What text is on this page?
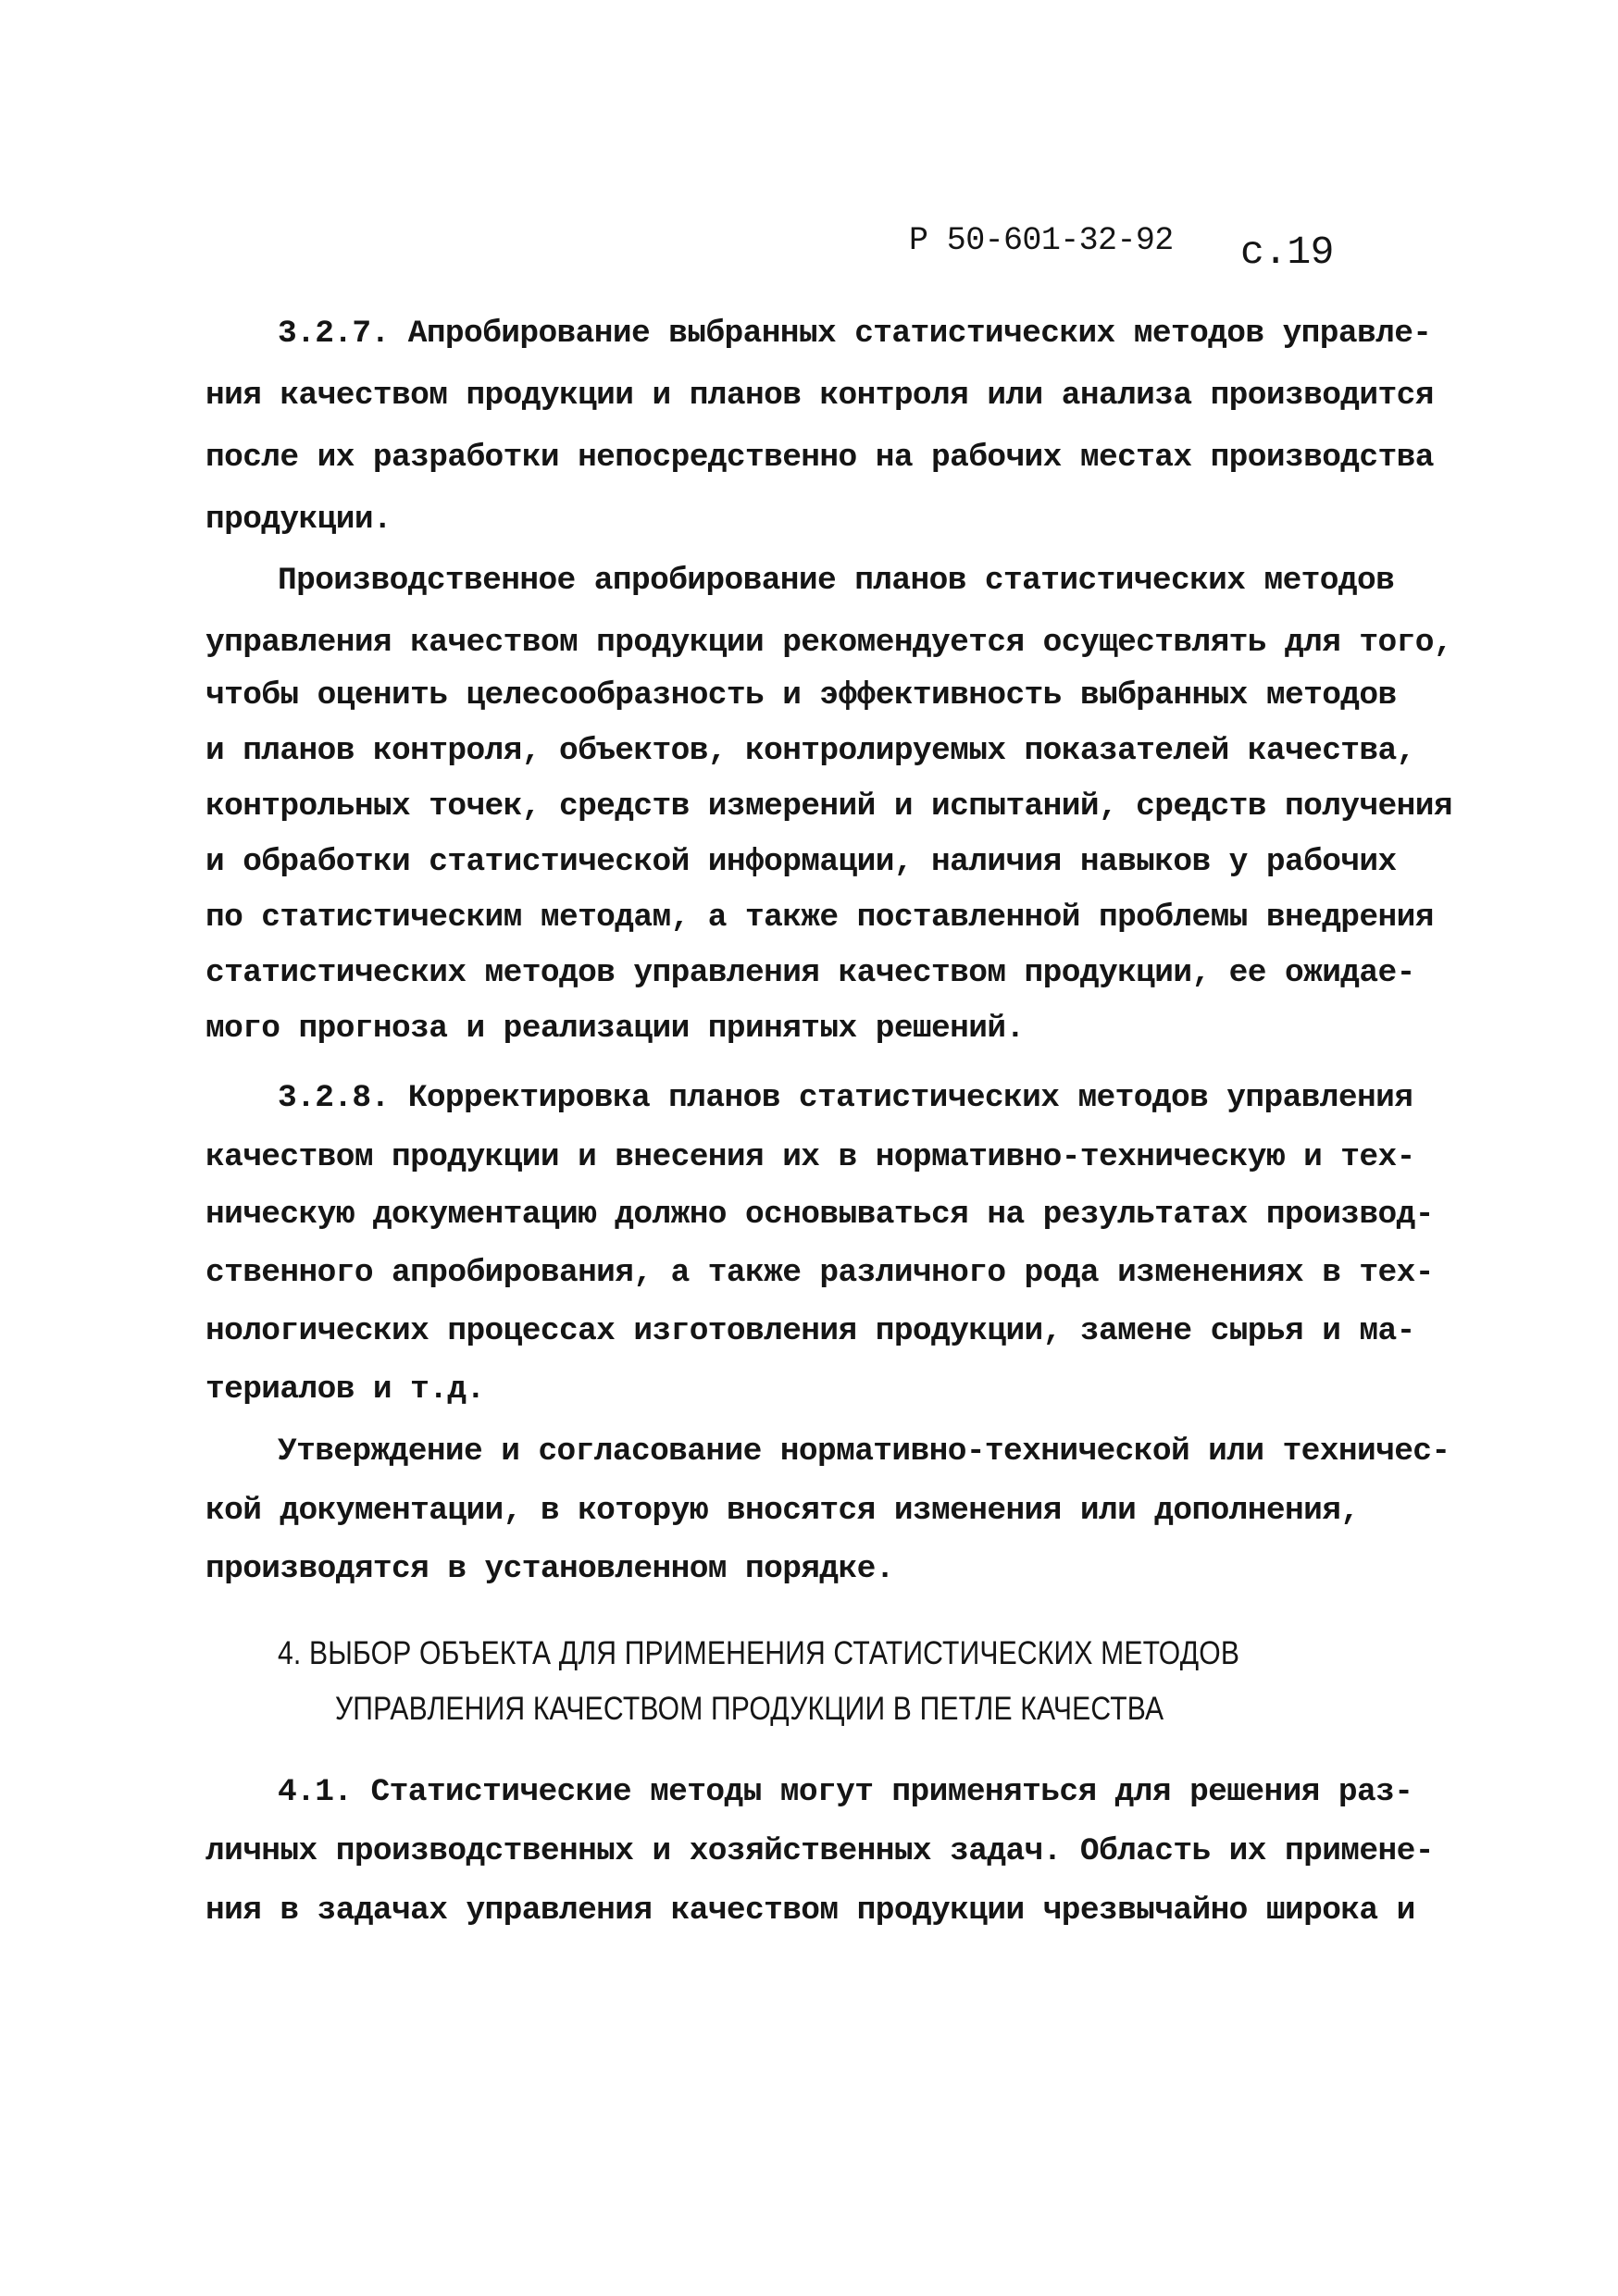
Р 50-601-32-92 с.19
3.2.7. Апробирование выбранных статистических методов управле-
ния качеством продукции и планов контроля или анализа производится
после их разработки непосредственно на рабочих местах производства
продукции.
Производственное апробирование планов статистических методов
управления качеством продукции рекомендуется осуществлять для того,
чтобы оценить целесообразность и эффективность выбранных методов
и планов контроля, объектов, контролируемых показателей качества,
контрольных точек, средств измерений и испытаний, средств получения
и обработки статистической информации, наличия навыков у рабочих
по статистическим методам, а также поставленной проблемы внедрения
статистических методов управления качеством продукции, ее ожидае-
мого прогноза и реализации принятых решений.
3.2.8. Корректировка планов статистических методов управления
качеством продукции и внесения их в нормативно-техническую и тех-
ническую документацию должно основываться на результатах производ-
ственного апробирования, а также различного рода изменениях в тех-
нологических процессах изготовления продукции, замене сырья и ма-
териалов и т.д.
Утверждение и согласование нормативно-технической или техничес-
кой документации, в которую вносятся изменения или дополнения,
производятся в установленном порядке.
4. ВЫБОР ОБЪЕКТА ДЛЯ ПРИМЕНЕНИЯ СТАТИСТИЧЕСКИХ МЕТОДОВ
УПРАВЛЕНИЯ КАЧЕСТВОМ ПРОДУКЦИИ В ПЕТЛЕ КАЧЕСТВА
4.1. Статистические методы могут применяться для решения раз-
личных производственных и хозяйственных задач. Область их примене-
ния в задачах управления качеством продукции чрезвычайно широка и
